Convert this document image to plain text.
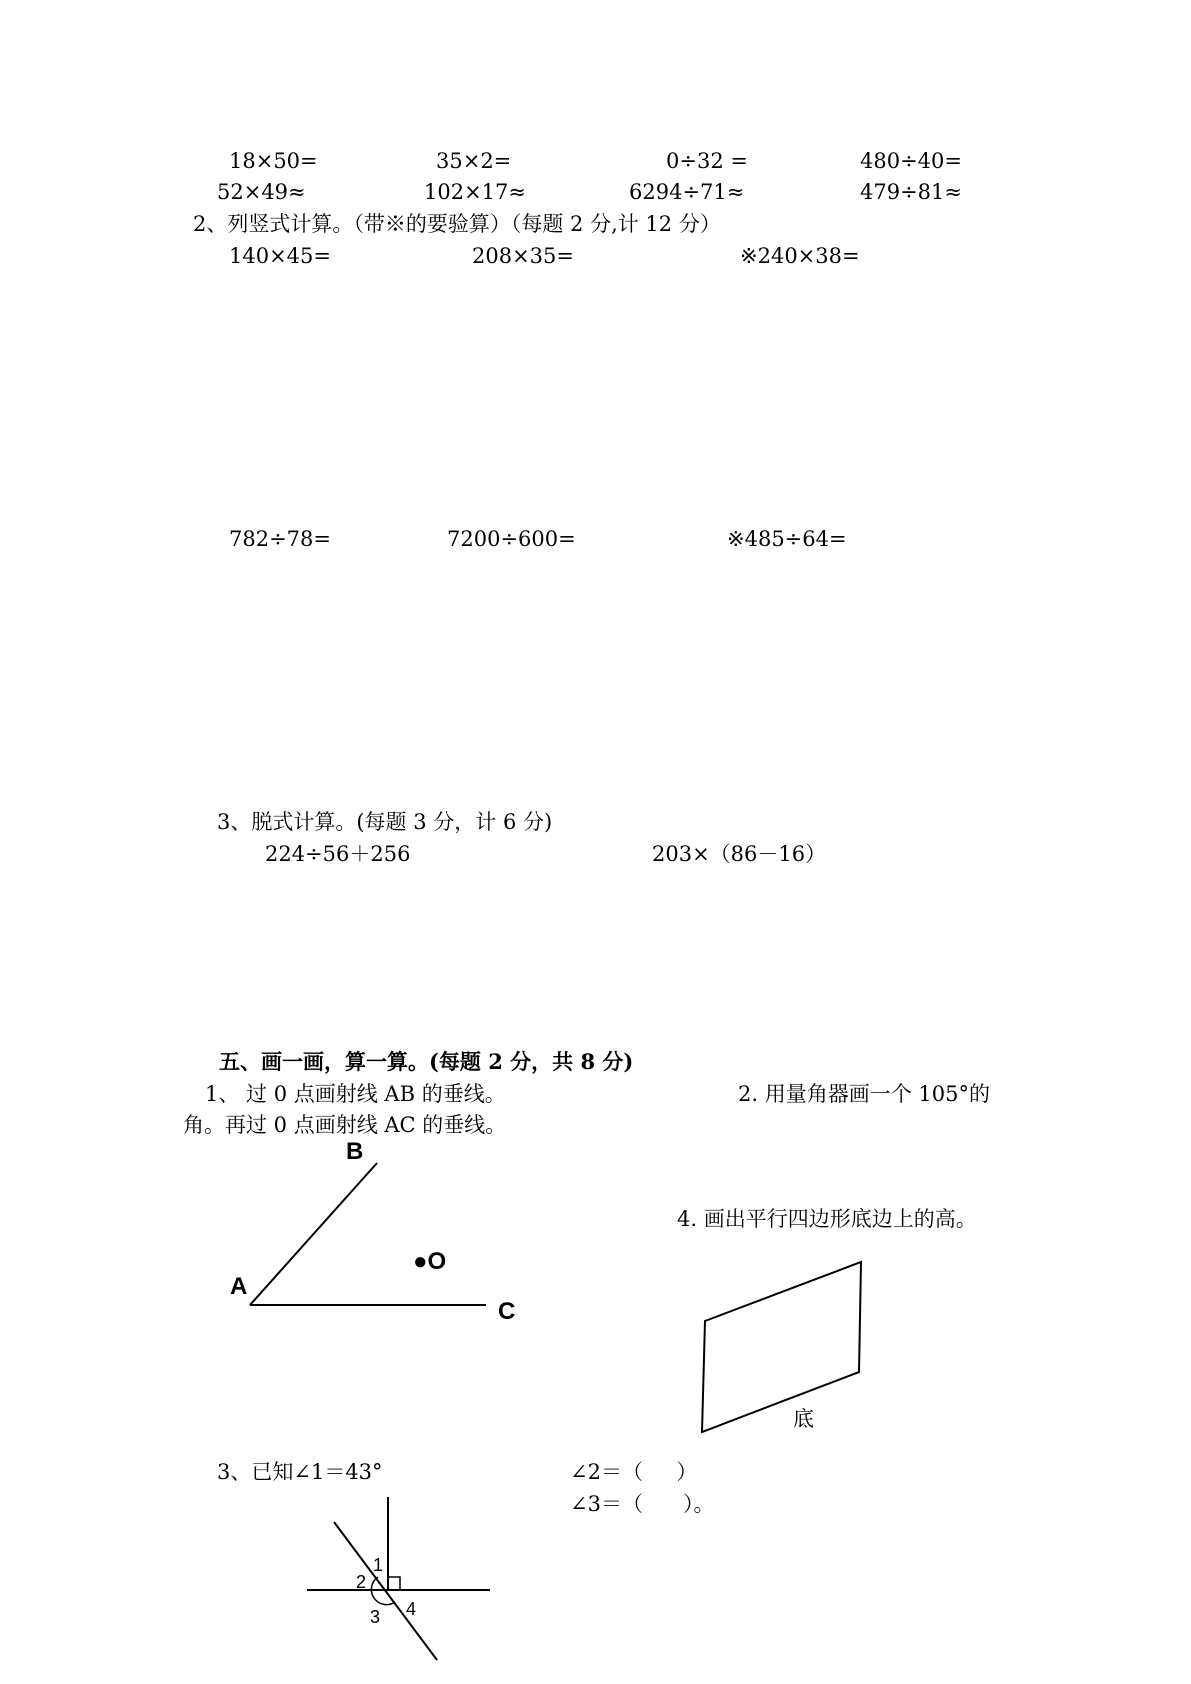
18×50=	35×2=	0÷32 =	480÷40=
52×49≈	102×17≈	6294÷71≈	479÷81≈
2、列竖式计算。（带※的要验算）（每题 2 分,计 12 分）
140×45=	208×35=	※240×38=
782÷78=	7200÷600=	※485÷64=
3、脱式计算。(每题 3 分，计 6 分)
224÷56＋256	203×（86－16）
五、画一画，算一算。(每题 2 分，共 8 分)
1、 过 0 点画射线 AB 的垂线。	2. 用量角器画一个 105°的
角。再过 0 点画射线 AC 的垂线。
B
A
●O
C
4. 画出平行四边形底边上的高。
底
3、已知∠1＝43°	∠2＝（     ）
∠3＝（      ）。
1
2
3 4
